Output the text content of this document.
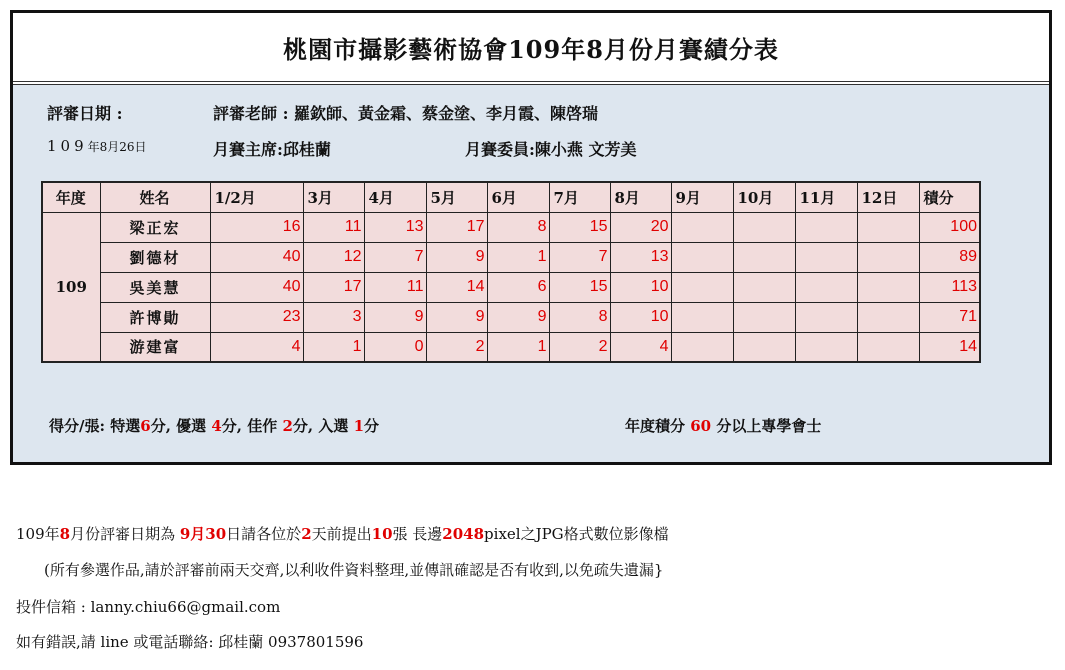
桃園市攝影藝術協會109年8月份月賽績分表
評審日期 :	評審老師 : 羅欽師、黃金霜、蔡金塗、李月霞、陳啓瑞
109年8月26日	月賽主席:邱桂蘭	月賽委員:陳小燕 文芳美
年度	姓名	1/2月	3月	4月	5月	6月	7月	8月	9月	10月	11月	12日	積分
109	梁正宏	16	11	13	17	8	15	20					100
	劉德材	40	12	7	9	1	7	13					89
	吳美慧	40	17	11	14	6	15	10					113
	許博勛	23	3	9	9	9	8	10					71
	游建富	4	1	0	2	1	2	4					14
得分/張: 特選6分, 優選 4分, 佳作 2分, 入選 1分	年度積分 60 分以上專學會士
109年8月份評審日期為 9月30日請各位於2天前提出10張 長邊2048pixel之JPG格式數位影像檔
(所有參選作品,請於評審前兩天交齊,以利收件資料整理,並傳訊確認是否有收到,以免疏失遺漏}
投件信箱 : lanny.chiu66@gmail.com
如有錯誤,請 line 或電話聯絡: 邱桂蘭 0937801596
